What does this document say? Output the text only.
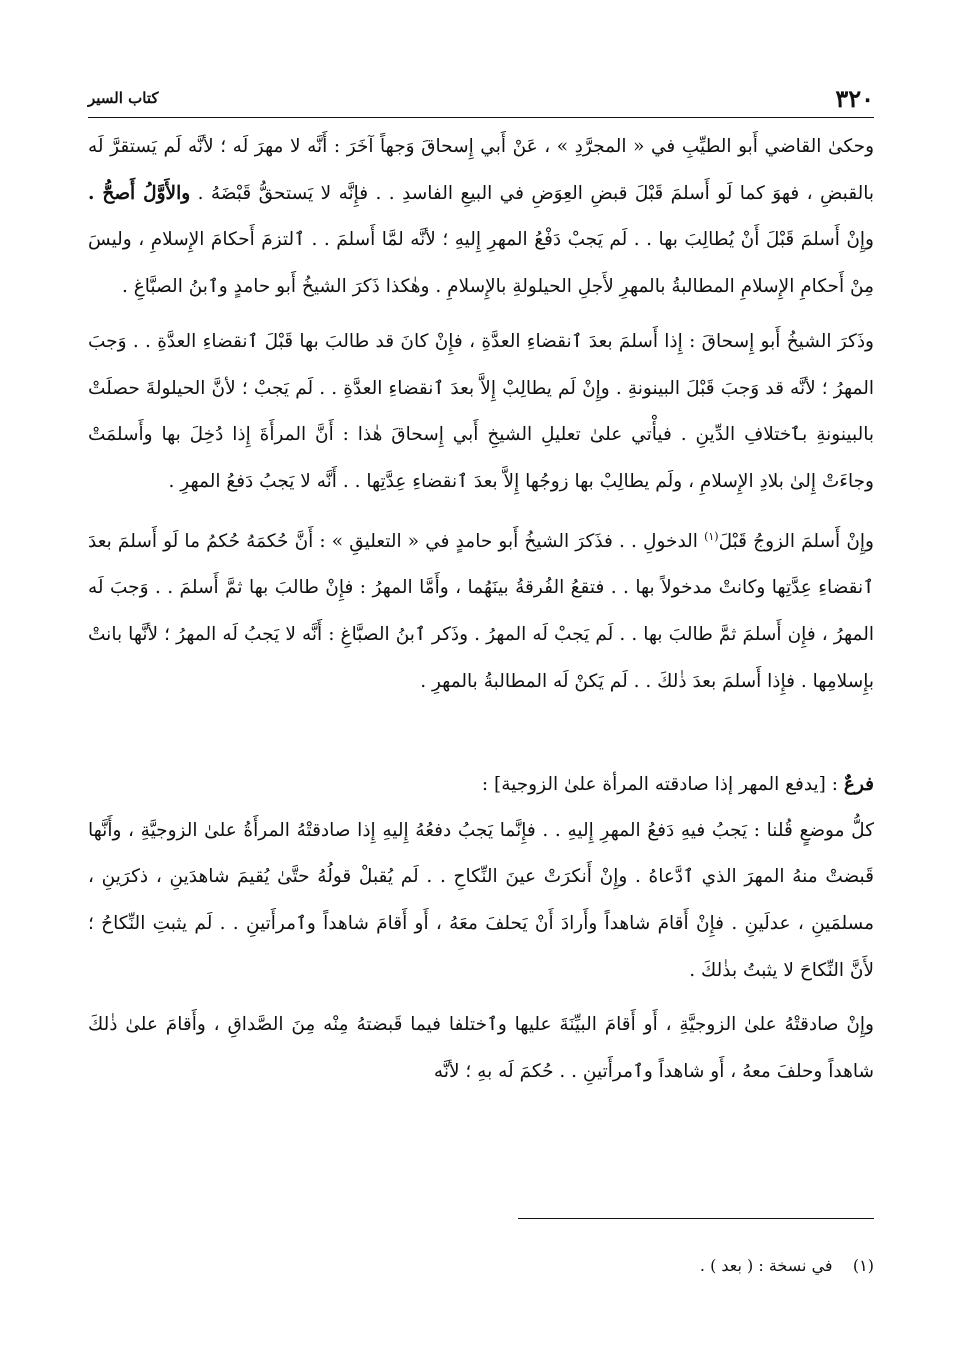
٣٢٠
كتاب السير

وحكىٰ القاضي أَبو الطيِّبِ في « المجرَّدِ » ، عَنْ أَبي إِسحاقَ وَجهاً آخَرَ : أَنَّه لا مهرَ لَه ؛ لأنَّه لَم يَستقرَّ لَه بالقبضِ ، فهوَ كما لَو أَسلمَ قَبْلَ قبضِ العِوَضِ في البيعِ الفاسدِ . . فإِنَّه لا يَستحقُّ قَبْضَهُ . والأَوَّلُ أَصحُّ . وإِنْ أَسلمَ قَبْلَ أَنْ يُطالِبَ بها . . لَم يَجبْ دَفْعُ المهرِ إِليهِ ؛ لأنَّه لمَّا أَسلمَ . . ٱلتزمَ أَحكامَ الإِسلامِ ، وليسَ مِنْ أَحكامِ الإِسلامِ المطالبةُ بالمهرِ لأَجلِ الحيلولةِ بالإِسلامِ . وهٰكذا ذَكرَ الشيخُ أَبو حامدٍ وٱبنُ الصبَّاغِ .

وذَكرَ الشيخُ أَبو إِسحاقَ : إِذا أَسلمَ بعدَ ٱنقضاءِ العدَّةِ ، فإِنْ كانَ قد طالبَ بها قَبْلَ ٱنقضاءِ العدَّةِ . . وَجبَ المهرُ ؛ لأنَّه قد وَجبَ قَبْلَ البينونةِ . وإِنْ لَم يطالِبْ إِلاَّ بعدَ ٱنقضاءِ العدَّةِ . . لَم يَجبْ ؛ لأنَّ الحيلولةَ حصلَتْ بالبينونةِ بٱختلافِ الدِّينِ . فيأْتي علىٰ تعليلِ الشيخِ أَبي إِسحاقَ هٰذا : أَنَّ المرأَةَ إِذا دُخِلَ بها وأَسلمَتْ وجاءَتْ إِلىٰ بلادِ الإِسلامِ ، ولَم يطالِبْ بها زوجُها إِلاَّ بعدَ ٱنقضاءِ عِدَّتِها . . أَنَّه لا يَجبُ دَفعُ المهرِ .

وإِنْ أَسلمَ الزوجُ قَبْلَ$^{(١)}$ الدخولِ . . فذَكرَ الشيخُ أَبو حامدٍ في « التعليقِ » : أَنَّ حُكمَهُ حُكمُ ما لَو أَسلمَ بعدَ ٱنقضاءِ عِدَّتِها وكانتْ مدخولاً بها . . فتقعُ الفُرقةُ بينَهُما ، وأَمَّا المهرُ : فإِنْ طالبَ بها ثمَّ أَسلمَ . . وَجبَ لَه المهرُ ، فإِن أَسلمَ ثمَّ طالبَ بها . . لَم يَجبْ لَه المهرُ . وذَكر ٱبنُ الصبَّاغِ : أَنَّه لا يَجبُ لَه المهرُ ؛ لأنَّها بانتْ بإِسلامِها . فإِذا أَسلمَ بعدَ ذٰلكَ . . لَم يَكنْ لَه المطالبةُ بالمهرِ .

فرعٌ : [يدفع المهر إذا صادقته المرأة علىٰ الزوجية] :

كلُّ موضعٍ قُلنا : يَجبُ فيهِ دَفعُ المهرِ إِليهِ . . فإِنَّما يَجبُ دفعُهُ إِليهِ إِذا صادقتْهُ المرأَةُ علىٰ الزوجيَّةِ ، وأَنَّها قَبضتْ منهُ المهرَ الذي ٱدَّعاهُ . وإِنْ أَنكرَتْ عينَ النِّكاحِ . . لَم يُقبلْ قولُهُ حتَّىٰ يُقيمَ شاهدَينِ ، ذكرَينِ ، مسلمَينِ ، عدلَينِ . فإِنْ أَقامَ شاهداً وأَرادَ أَنْ يَحلفَ معَهُ ، أَو أَقامَ شاهداً وٱمرأَتينِ . . لَم يثبتِ النِّكاحُ ؛ لأَنَّ النِّكاحَ لا يثبتُ بذٰلكَ .

وإِنْ صادقتْهُ علىٰ الزوجيَّةِ ، أَو أَقامَ البيِّنَةَ عليها وٱختلفا فيما قَبضتهُ مِنْه مِنَ الصَّداقِ ، وأَقامَ علىٰ ذٰلكَ شاهداً وحلفَ معهُ ، أَو شاهداً وٱمرأَتينِ . . حُكمَ لَه بهِ ؛ لأنَّه

(١)    في نسخة : ( بعد ) .
